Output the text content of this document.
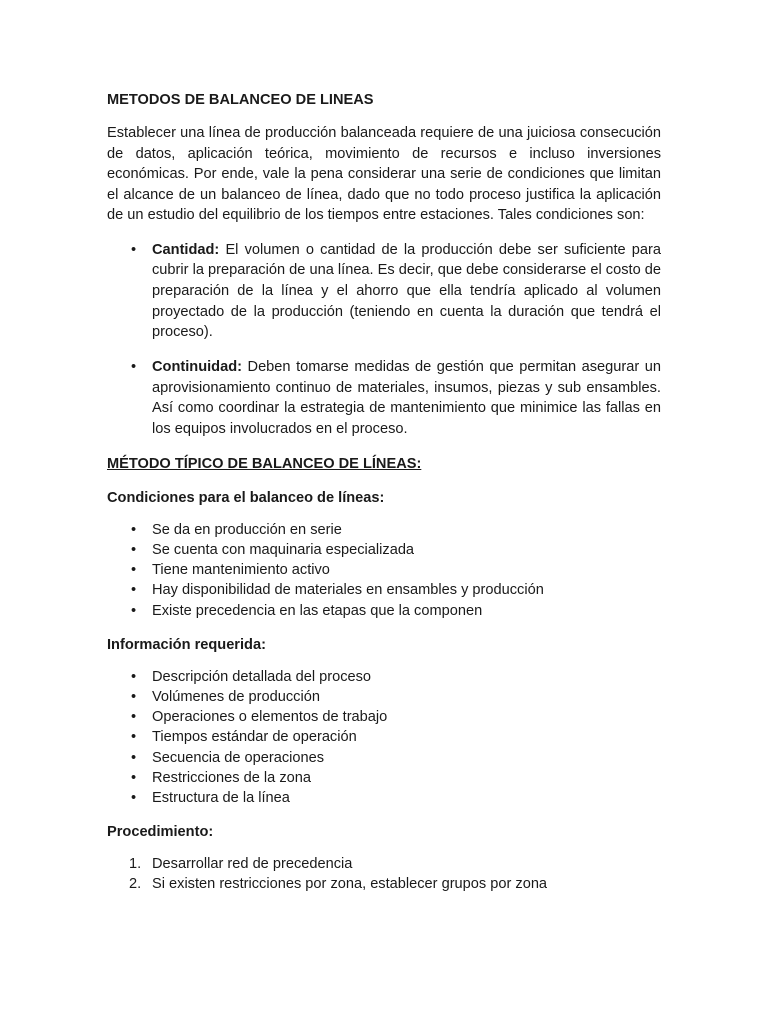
METODOS DE BALANCEO DE LINEAS

Establecer una línea de producción balanceada requiere de una juiciosa consecución de datos, aplicación teórica, movimiento de recursos e incluso inversiones económicas. Por ende, vale la pena considerar una serie de condiciones que limitan el alcance de un balanceo de línea, dado que no todo proceso justifica la aplicación de un estudio del equilibrio de los tiempos entre estaciones. Tales condiciones son:

• Cantidad: El volumen o cantidad de la producción debe ser suficiente para cubrir la preparación de una línea. Es decir, que debe considerarse el costo de preparación de la línea y el ahorro que ella tendría aplicado al volumen proyectado de la producción (teniendo en cuenta la duración que tendrá el proceso).
• Continuidad: Deben tomarse medidas de gestión que permitan asegurar un aprovisionamiento continuo de materiales, insumos, piezas y sub ensambles. Así como coordinar la estrategia de mantenimiento que minimice las fallas en los equipos involucrados en el proceso.
MÉTODO TÍPICO DE BALANCEO DE LÍNEAS:
Condiciones para el balanceo de líneas:
• Se da en producción en serie
• Se cuenta con maquinaria especializada
• Tiene mantenimiento activo
• Hay disponibilidad de materiales en ensambles y producción
• Existe precedencia en las etapas que la componen
Información requerida:
• Descripción detallada del proceso
• Volúmenes de producción
• Operaciones o elementos de trabajo
• Tiempos estándar de operación
• Secuencia de operaciones
• Restricciones de la zona
• Estructura de la línea
Procedimiento:
1. Desarrollar red de precedencia
2. Si existen restricciones por zona, establecer grupos por zona
